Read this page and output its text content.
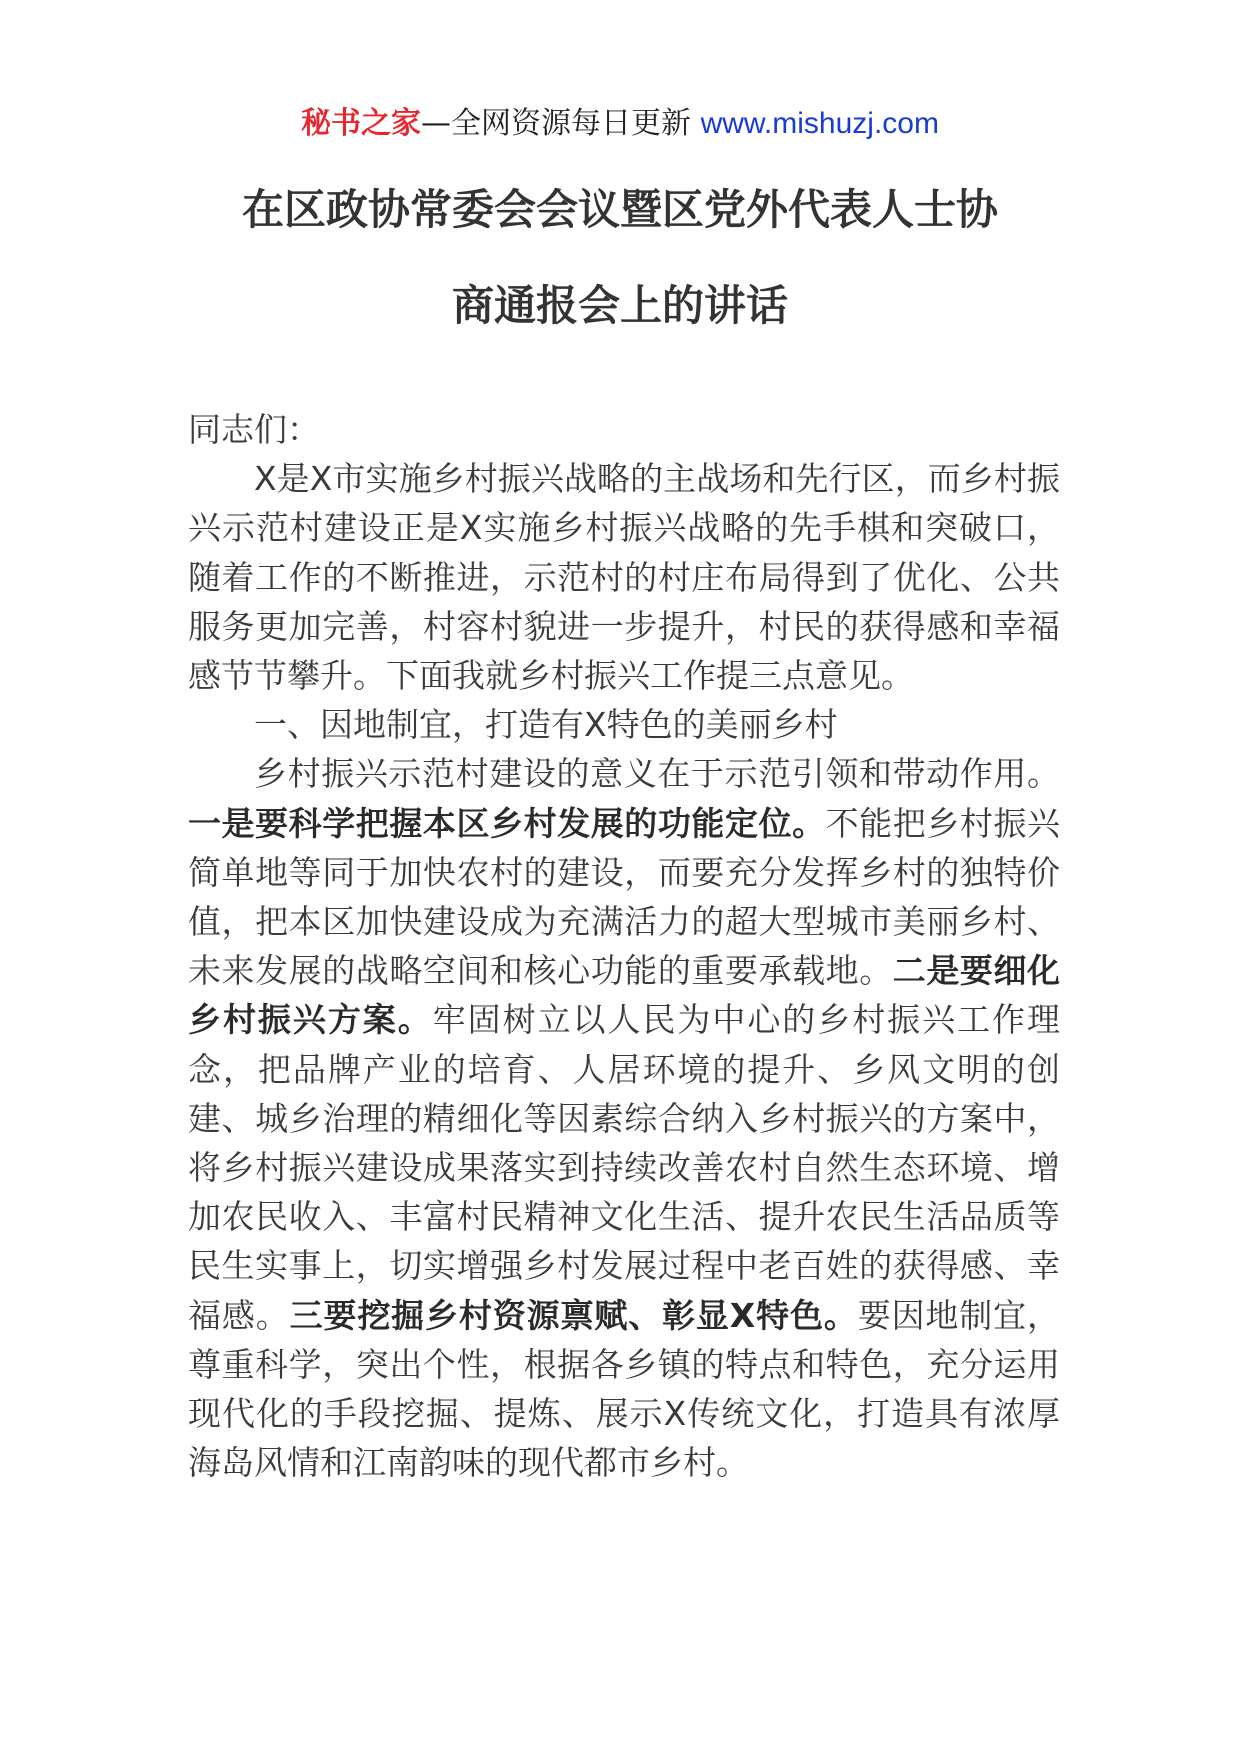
秘书之家—全网资源每日更新 www.mishuzj.com
在区政协常委会会议暨区党外代表人士协
商通报会上的讲话

同志们：

X是X市实施乡村振兴战略的主战场和先行区，而乡村振兴示范村建设正是X实施乡村振兴战略的先手棋和突破口，随着工作的不断推进，示范村的村庄布局得到了优化、公共服务更加完善，村容村貌进一步提升，村民的获得感和幸福感节节攀升。下面我就乡村振兴工作提三点意见。

一、因地制宜，打造有X特色的美丽乡村

乡村振兴示范村建设的意义在于示范引领和带动作用。一是要科学把握本区乡村发展的功能定位。不能把乡村振兴简单地等同于加快农村的建设，而要充分发挥乡村的独特价值，把本区加快建设成为充满活力的超大型城市美丽乡村、未来发展的战略空间和核心功能的重要承载地。二是要细化乡村振兴方案。牢固树立以人民为中心的乡村振兴工作理念，把品牌产业的培育、人居环境的提升、乡风文明的创建、城乡治理的精细化等因素综合纳入乡村振兴的方案中，将乡村振兴建设成果落实到持续改善农村自然生态环境、增加农民收入、丰富村民精神文化生活、提升农民生活品质等民生实事上，切实增强乡村发展过程中老百姓的获得感、幸福感。三要挖掘乡村资源禀赋、彰显X特色。要因地制宜，尊重科学，突出个性，根据各乡镇的特点和特色，充分运用现代化的手段挖掘、提炼、展示X传统文化，打造具有浓厚海岛风情和江南韵味的现代都市乡村。
